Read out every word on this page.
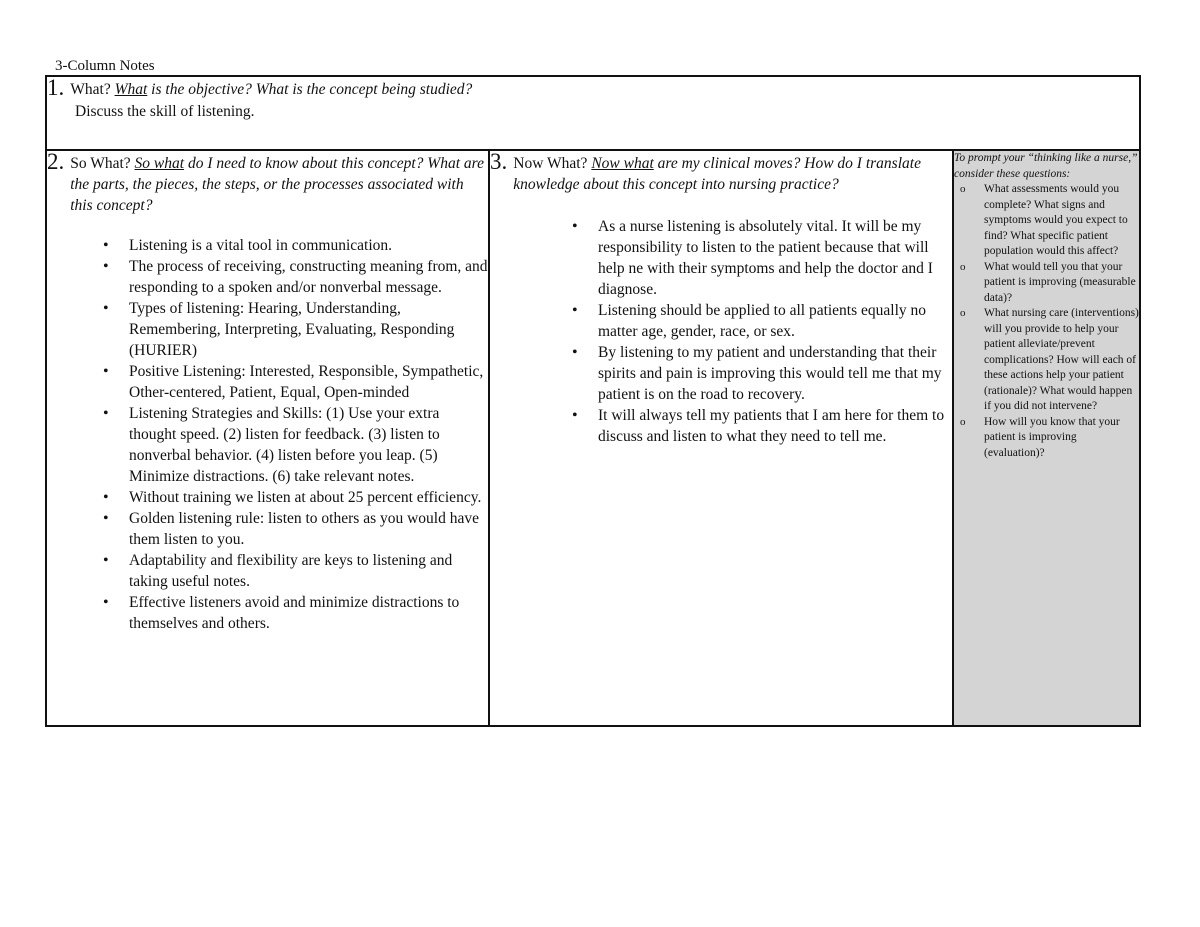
3-Column Notes
1. What? What is the objective? What is the concept being studied?
Discuss the skill of listening.

2. So What? So what do I need to know about this concept? What are the parts, the pieces, the steps, or the processes associated with this concept?
• Listening is a vital tool in communication.
• The process of receiving, constructing meaning from, and responding to a spoken and/or nonverbal message.
• Types of listening: Hearing, Understanding, Remembering, Interpreting, Evaluating, Responding (HURIER)
• Positive Listening: Interested, Responsible, Sympathetic, Other-centered, Patient, Equal, Open-minded
• Listening Strategies and Skills: (1) Use your extra thought speed. (2) listen for feedback. (3) listen to nonverbal behavior. (4) listen before you leap. (5) Minimize distractions. (6) take relevant notes.
• Without training we listen at about 25 percent efficiency.
• Golden listening rule: listen to others as you would have them listen to you.
• Adaptability and flexibility are keys to listening and taking useful notes.
• Effective listeners avoid and minimize distractions to themselves and others.

3. Now What? Now what are my clinical moves? How do I translate knowledge about this concept into nursing practice?
• As a nurse listening is absolutely vital. It will be my responsibility to listen to the patient because that will help ne with their symptoms and help the doctor and I diagnose.
• Listening should be applied to all patients equally no matter age, gender, race, or sex.
• By listening to my patient and understanding that their spirits and pain is improving this would tell me that my patient is on the road to recovery.
• It will always tell my patients that I am here for them to discuss and listen to what they need to tell me.

To prompt your “thinking like a nurse,” consider these questions:
o What assessments would you complete? What signs and symptoms would you expect to find? What specific patient population would this affect?
o What would tell you that your patient is improving (measurable data)?
o What nursing care (interventions) will you provide to help your patient alleviate/prevent complications? How will each of these actions help your patient (rationale)? What would happen if you did not intervene?
o How will you know that your patient is improving (evaluation)?
